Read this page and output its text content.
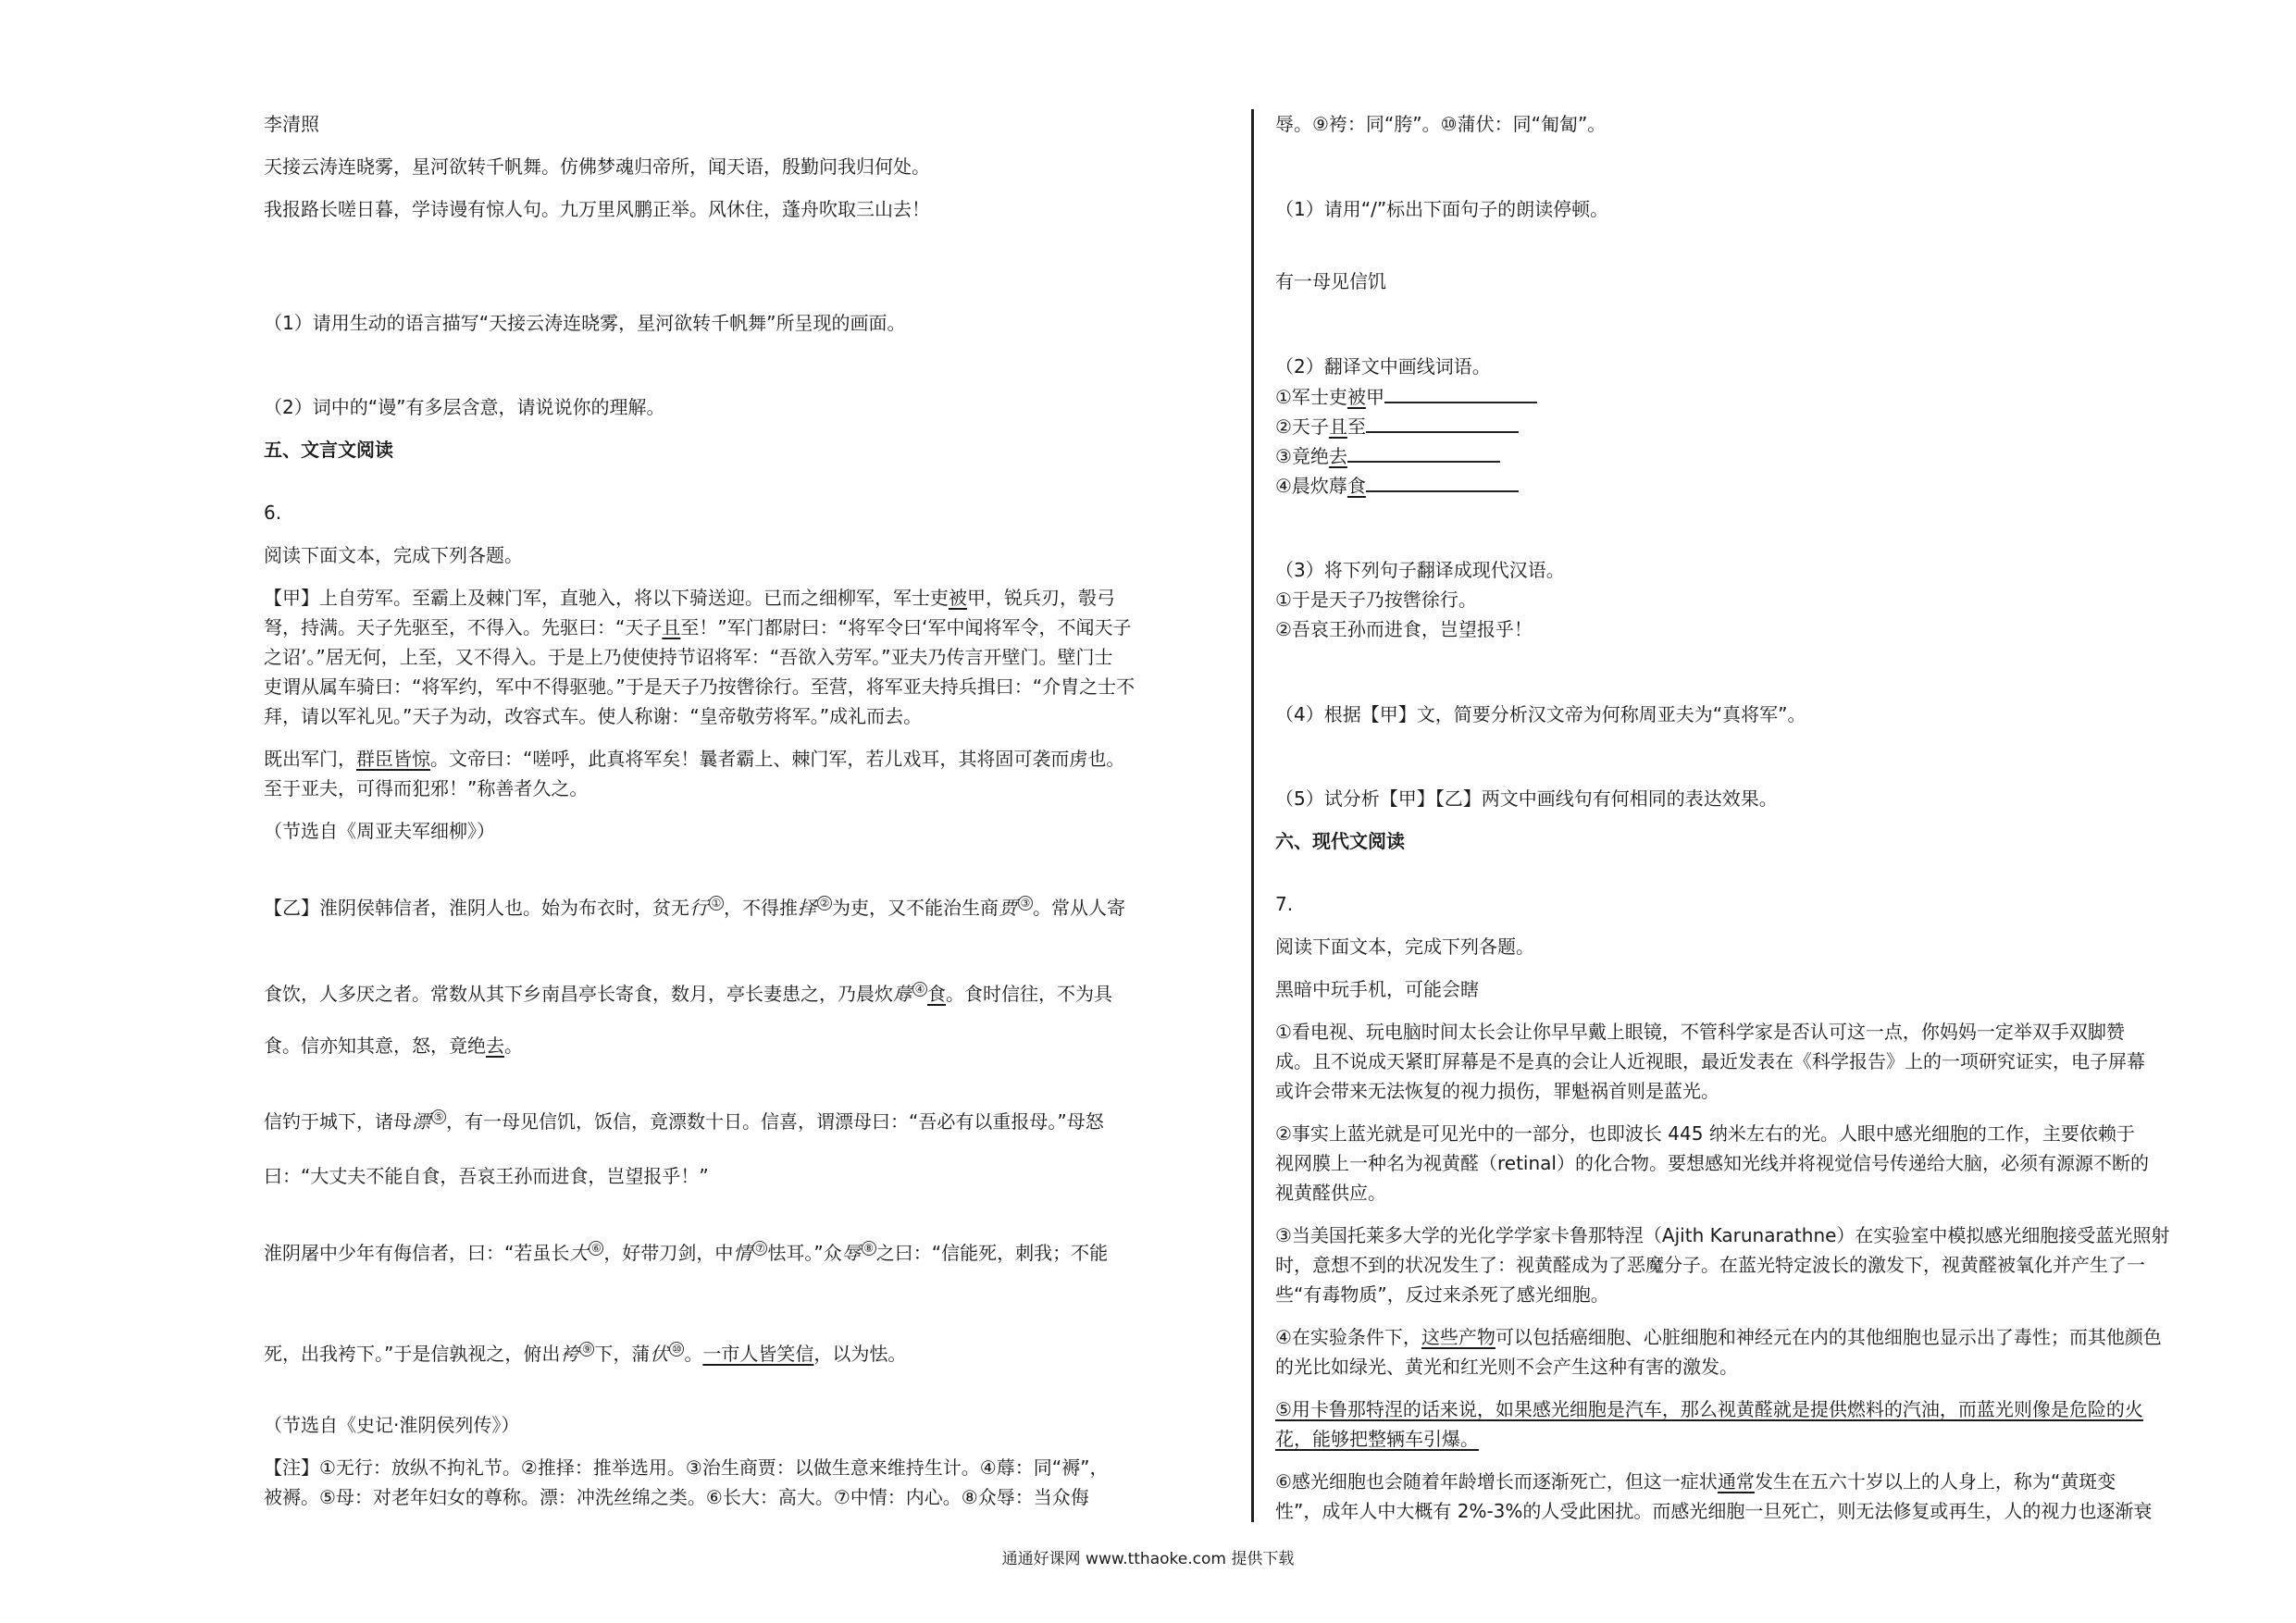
李清照
天接云涛连晓雾，星河欲转千帆舞。仿佛梦魂归帝所，闻天语，殷勤问我归何处。
我报路长嗟日暮，学诗谩有惊人句。九万里风鹏正举。风休住，蓬舟吹取三山去！
（1）请用生动的语言描写“天接云涛连晓雾，星河欲转千帆舞”所呈现的画面。
（2）词中的“谩”有多层含意，请说说你的理解。
五、文言文阅读
6.
阅读下面文本，完成下列各题。
【甲】上自劳军。至霸上及棘门军，直驰入，将以下骑送迎。已而之细柳军，军士吏被甲，锐兵刃，彀弓
弩，持满。天子先驱至，不得入。先驱曰：“天子且至！”军门都尉曰：“将军令曰‘军中闻将军令，不闻天子
之诏’。”居无何，上至，又不得入。于是上乃使使持节诏将军：“吾欲入劳军。”亚夫乃传言开壁门。壁门士
吏谓从属车骑曰：“将军约，军中不得驱驰。”于是天子乃按辔徐行。至营，将军亚夫持兵揖曰：“介胄之士不
拜，请以军礼见。”天子为动，改容式车。使人称谢：“皇帝敬劳将军。”成礼而去。
既出军门，群臣皆惊。文帝曰：“嗟呼，此真将军矣！曩者霸上、棘门军，若儿戏耳，其将固可袭而虏也。
至于亚夫，可得而犯邪！”称善者久之。
（节选自《周亚夫军细柳》）
【乙】淮阴侯韩信者，淮阴人也。始为布衣时，贫无行 ① ，不得推择 ② 为吏，又不能治生商贾 ③ 。常从人寄
食饮，人多厌之者。常数从其下乡南昌亭长寄食，数月，亭长妻患之，乃晨炊蓐 ④ 食。食时信往，不为具
食。信亦知其意，怒，竟绝去。
信钓于城下，诸母漂 ⑤ ，有一母见信饥，饭信，竟漂数十日。信喜，谓漂母曰：“吾必有以重报母。”母怒
曰：“大丈夫不能自食，吾哀王孙而进食，岂望报乎！”
淮阴屠中少年有侮信者，曰：“若虽长大 ⑥ ，好带刀剑，中情 ⑦ 怯耳。”众辱 ⑧ 之曰：“信能死，刺我；不能
死，出我袴下。”于是信孰视之，俯出袴 ⑨ 下，蒲伏 ⑩ 。一市人皆笑信，以为怯。
（节选自《史记·淮阴侯列传》）
【注】①无行：放纵不拘礼节。②推择：推举选用。③治生商贾：以做生意来维持生计。④蓐：同“褥”，
被褥。⑤母：对老年妇女的尊称。漂：冲洗丝绵之类。⑥长大：高大。⑦中情：内心。⑧众辱：当众侮
辱。⑨袴：同“胯”。⑩蒲伏：同“匍匐”。
（1）请用“/”标出下面句子的朗读停顿。
有一母见信饥
（2）翻译文中画线词语。
①军士吏被甲
②天子且至
③竟绝去
④晨炊蓐食
（3）将下列句子翻译成现代汉语。
①于是天子乃按辔徐行。
②吾哀王孙而进食，岂望报乎！
（4）根据【甲】文，简要分析汉文帝为何称周亚夫为“真将军”。
（5）试分析【甲】【乙】两文中画线句有何相同的表达效果。
六、现代文阅读
7.
阅读下面文本，完成下列各题。
黑暗中玩手机，可能会瞎
①看电视、玩电脑时间太长会让你早早戴上眼镜，不管科学家是否认可这一点，你妈妈一定举双手双脚赞
成。且不说成天紧盯屏幕是不是真的会让人近视眼，最近发表在《科学报告》上的一项研究证实，电子屏幕
或许会带来无法恢复的视力损伤，罪魁祸首则是蓝光。
②事实上蓝光就是可见光中的一部分，也即波长 445 纳米左右的光。人眼中感光细胞的工作，主要依赖于
视网膜上一种名为视黄醛（retinal）的化合物。要想感知光线并将视觉信号传递给大脑，必须有源源不断的
视黄醛供应。
③当美国托莱多大学的光化学学家卡鲁那特涅（Ajith Karunarathne）在实验室中模拟感光细胞接受蓝光照射
时，意想不到的状况发生了：视黄醛成为了恶魔分子。在蓝光特定波长的激发下，视黄醛被氧化并产生了一
些“有毒物质”，反过来杀死了感光细胞。
④在实验条件下，这些产物可以包括癌细胞、心脏细胞和神经元在内的其他细胞也显示出了毒性；而其他颜色
的光比如绿光、黄光和红光则不会产生这种有害的激发。
⑤用卡鲁那特涅的话来说，如果感光细胞是汽车，那么视黄醛就是提供燃料的汽油，而蓝光则像是危险的火
花，能够把整辆车引爆。
⑥感光细胞也会随着年龄增长而逐渐死亡，但这一症状通常发生在五六十岁以上的人身上，称为“黄斑变
性”，成年人中大概有 2%-3%的人受此困扰。而感光细胞一旦死亡，则无法修复或再生，人的视力也逐渐衰
通通好课网 www.tthaoke.com 提供下载
